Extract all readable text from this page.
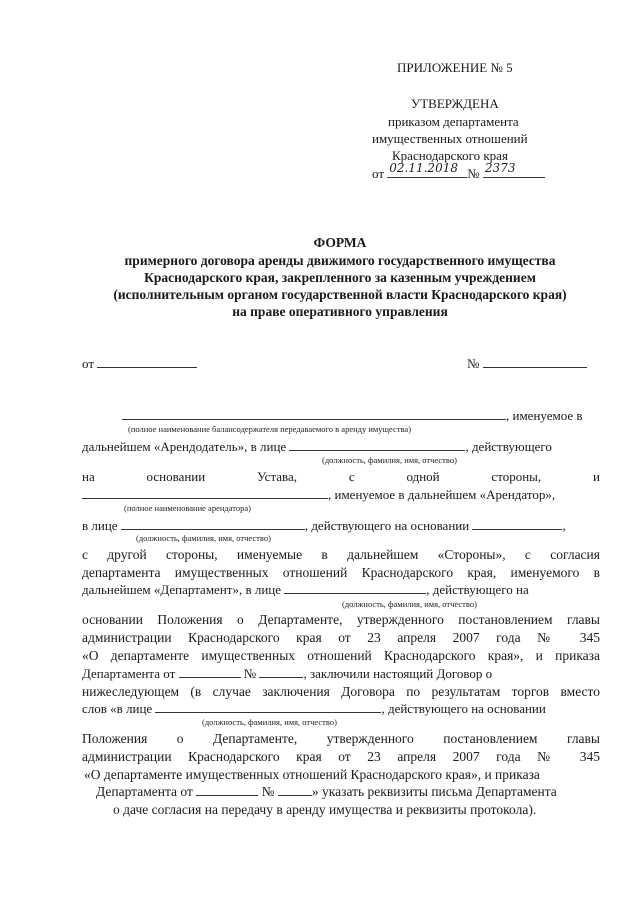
ПРИЛОЖЕНИЕ № 5
УТВЕРЖДЕНА
приказом департамента
имущественных отношений
Краснодарского края
от 02.11.2018 № 2373
ФОРМА
примерного договора аренды движимого государственного имущества
Краснодарского края, закрепленного за казенным учреждением
(исполнительным органом государственной власти Краснодарского края)
на праве оперативного управления
от	№
, именуемое в
(полное наименование балансодержателя передаваемого в аренду имущества)
дальнейшем «Арендодатель», в лице	, действующего
(должность, фамилия, имя, отчество)
на	основании	Устава,	с	одной	стороны,	и
, именуемое в дальнейшем «Арендатор»,
(полное наименование арендатора)
в лице	, действующего на основании	,
(должность, фамилия, имя, отчество)
с другой стороны, именуемые в дальнейшем «Стороны», с согласия
департамента имущественных отношений Краснодарского края, именуемого в
дальнейшем «Департамент», в лице	, действующего на
(должность, фамилия, имя, отчество)
основании Положения о Департаменте, утвержденного постановлением главы
администрации Краснодарского края от 23 апреля 2007 года № 345
«О департаменте имущественных отношений Краснодарского края», и приказа
Департамента от	№	, заключили настоящий Договор о
нижеследующем (в случае заключения Договора по результатам торгов вместо
слов «в лице	, действующего на основании
(должность, фамилия, имя, отчество)
Положения о Департаменте, утвержденного постановлением главы
администрации Краснодарского края от 23 апреля 2007 года № 345
«О департаменте имущественных отношений Краснодарского края», и приказа
Департамента от	№	» указать реквизиты письма Департамента
о даче согласия на передачу в аренду имущества и реквизиты протокола).
